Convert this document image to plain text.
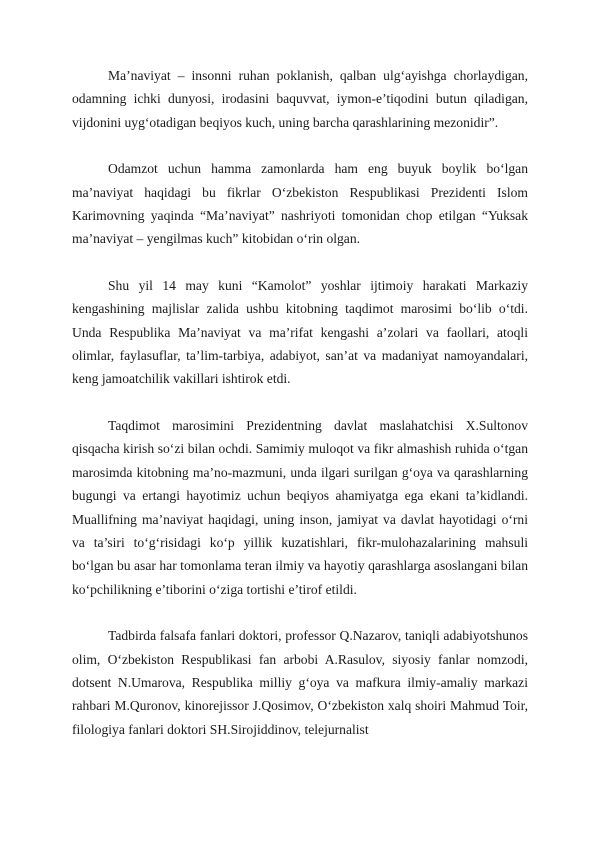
Ma’naviyat – insonni ruhan poklanish, qalban ulg‘ayishga chorlaydigan, odamning ichki dunyosi, irodasini baquvvat, iymon-e’tiqodini butun qiladigan, vijdonini uyg‘otadigan beqiyos kuch, uning barcha qarashlarining mezonidir”.

Odamzot uchun hamma zamonlarda ham eng buyuk boylik bo‘lgan ma’naviyat haqidagi bu fikrlar O‘zbekiston Respublikasi Prezidenti Islom Karimovning yaqinda “Ma’naviyat” nashriyoti tomonidan chop etilgan “Yuksak ma’naviyat – yengilmas kuch” kitobidan o‘rin olgan.

Shu yil 14 may kuni “Kamolot” yoshlar ijtimoiy harakati Markaziy kengashining majlislar zalida ushbu kitobning taqdimot marosimi bo‘lib o‘tdi. Unda Respublika Ma’naviyat va ma’rifat kengashi a’zolari va faollari, atoqli olimlar, faylasuflar, ta’lim-tarbiya, adabiyot, san’at va madaniyat namoyandalari, keng jamoatchilik vakillari ishtirok etdi.

Taqdimot marosimini Prezidentning davlat maslahatchisi X.Sultonov qisqacha kirish so‘zi bilan ochdi. Samimiy muloqot va fikr almashish ruhida o‘tgan marosimda kitobning ma’no-mazmuni, unda ilgari surilgan g‘oya va qarashlarning bugungi va ertangi hayotimiz uchun beqiyos ahamiyatga ega ekani ta’kidlandi. Muallifning ma’naviyat haqidagi, uning inson, jamiyat va davlat hayotidagi o‘rni va ta’siri to‘g‘risidagi ko‘p yillik kuzatishlari, fikr-mulohazalarining mahsuli bo‘lgan bu asar har tomonlama teran ilmiy va hayotiy qarashlarga asoslangani bilan ko‘pchilikning e’tiborini o‘ziga tortishi e’tirof etildi.

Tadbirda falsafa fanlari doktori, professor Q.Nazarov, taniqli adabiyotshunos olim, O‘zbekiston Respublikasi fan arbobi A.Rasulov, siyosiy fanlar nomzodi, dotsent N.Umarova, Respublika milliy g‘oya va mafkura ilmiy-amaliy markazi rahbari M.Quronov, kinorejissor J.Qosimov, O‘zbekiston xalq shoiri Mahmud Toir, filologiya fanlari doktori SH.Sirojiddinov, telejurnalist
